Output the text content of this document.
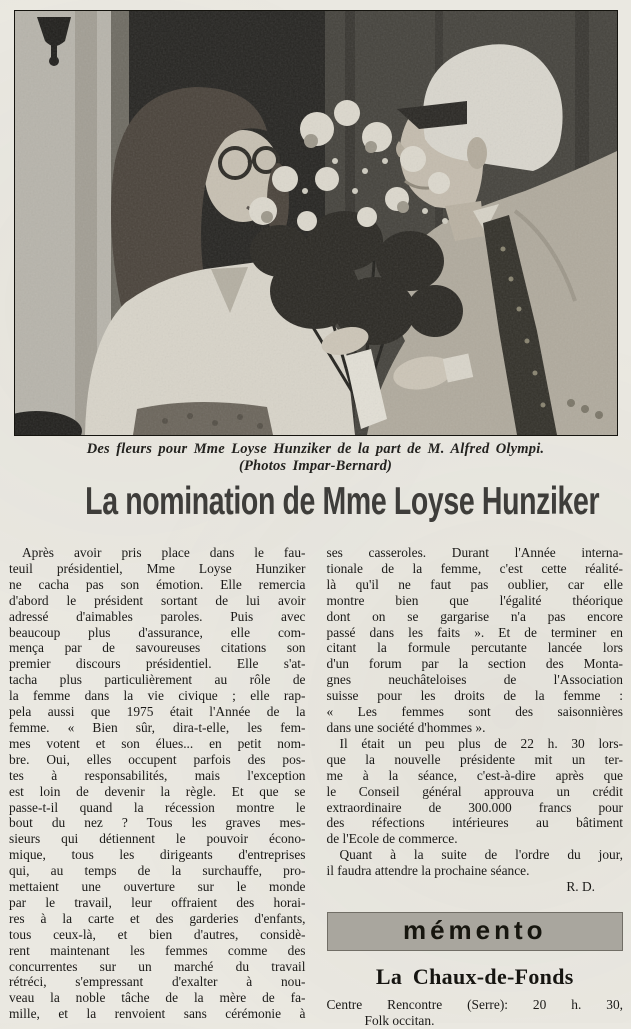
Des fleurs pour Mme Loyse Hunziker de la part de M. Alfred Olympi.
(Photos Impar-Bernard)
La nomination de Mme Loyse Hunziker
Après avoir pris place dans le fau-
teuil présidentiel, Mme Loyse Hunziker
ne cacha pas son émotion. Elle remercia
d'abord le président sortant de lui avoir
adressé d'aimables paroles. Puis avec
beaucoup plus d'assurance, elle com-
mença par de savoureuses citations son
premier discours présidentiel. Elle s'at-
tacha plus particulièrement au rôle de
la femme dans la vie civique ; elle rap-
pela aussi que 1975 était l'Année de la
femme. « Bien sûr, dira-t-elle, les fem-
mes votent et son élues... en petit nom-
bre. Oui, elles occupent parfois des pos-
tes à responsabilités, mais l'exception
est loin de devenir la règle. Et que se
passe-t-il quand la récession montre le
bout du nez ? Tous les graves mes-
sieurs qui détiennent le pouvoir écono-
mique, tous les dirigeants d'entreprises
qui, au temps de la surchauffe, pro-
mettaient une ouverture sur le monde
par le travail, leur offraient des horai-
res à la carte et des garderies d'enfants,
tous ceux-là, et bien d'autres, considè-
rent maintenant les femmes comme des
concurrentes sur un marché du travail
rétréci, s'empressant d'exalter à nou-
veau la noble tâche de la mère de fa-
mille, et la renvoient sans cérémonie à
ses casseroles. Durant l'Année interna-
tionale de la femme, c'est cette réalité-
là qu'il ne faut pas oublier, car elle
montre bien que l'égalité théorique
dont on se gargarise n'a pas encore
passé dans les faits ». Et de terminer en
citant la formule percutante lancée lors
d'un forum par la section des Monta-
gnes neuchâteloises de l'Association
suisse pour les droits de la femme :
« Les femmes sont des saisonnières
dans une société d'hommes ».
Il était un peu plus de 22 h. 30 lors-
que la nouvelle présidente mit un ter-
me à la séance, c'est-à-dire après que
le Conseil général approuva un crédit
extraordinaire de 300.000 francs pour
des réfections intérieures au bâtiment
de l'Ecole de commerce.
Quant à la suite de l'ordre du jour,
il faudra attendre la prochaine séance.
R. D.
mémento
La Chaux-de-Fonds
Centre Rencontre (Serre): 20 h. 30,
Folk occitan.
